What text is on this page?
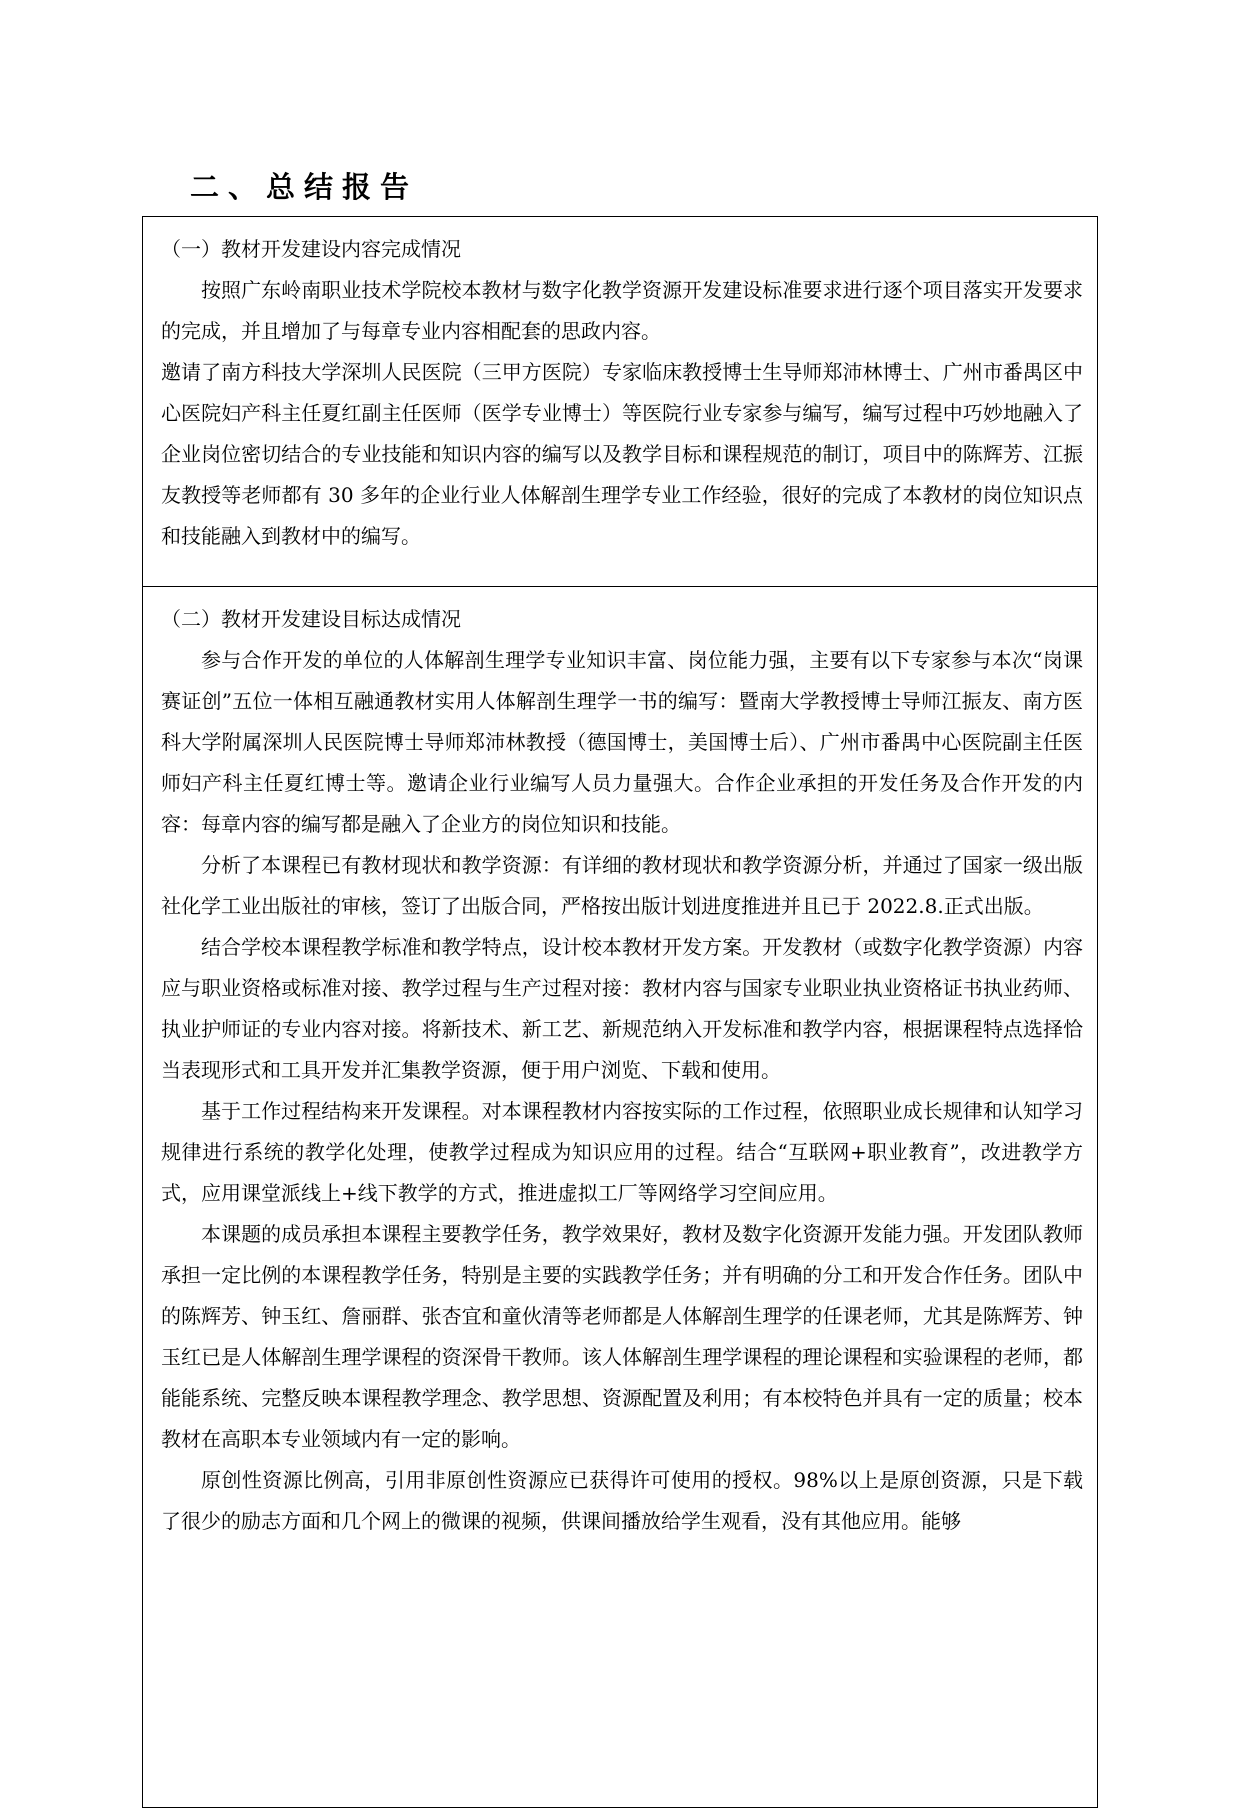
二、总结报告

（一）教材开发建设内容完成情况

按照广东岭南职业技术学院校本教材与数字化教学资源开发建设标准要求进行逐个项目落实开发要求的完成，并且增加了与每章专业内容相配套的思政内容。

邀请了南方科技大学深圳人民医院（三甲方医院）专家临床教授博士生导师郑沛林博士、广州市番禺区中心医院妇产科主任夏红副主任医师（医学专业博士）等医院行业专家参与编写，编写过程中巧妙地融入了企业岗位密切结合的专业技能和知识内容的编写以及教学目标和课程规范的制订，项目中的陈辉芳、江振友教授等老师都有 30 多年的企业行业人体解剖生理学专业工作经验，很好的完成了本教材的岗位知识点和技能融入到教材中的编写。

（二）教材开发建设目标达成情况

参与合作开发的单位的人体解剖生理学专业知识丰富、岗位能力强，主要有以下专家参与本次“岗课赛证创”五位一体相互融通教材实用人体解剖生理学一书的编写：暨南大学教授博士导师江振友、南方医科大学附属深圳人民医院博士导师郑沛林教授（德国博士，美国博士后）、广州市番禺中心医院副主任医师妇产科主任夏红博士等。邀请企业行业编写人员力量强大。合作企业承担的开发任务及合作开发的内容：每章内容的编写都是融入了企业方的岗位知识和技能。

分析了本课程已有教材现状和教学资源：有详细的教材现状和教学资源分析，并通过了国家一级出版社化学工业出版社的审核，签订了出版合同，严格按出版计划进度推进并且已于 2022.8.正式出版。

结合学校本课程教学标准和教学特点，设计校本教材开发方案。开发教材（或数字化教学资源）内容应与职业资格或标准对接、教学过程与生产过程对接：教材内容与国家专业职业执业资格证书执业药师、执业护师证的专业内容对接。将新技术、新工艺、新规范纳入开发标准和教学内容，根据课程特点选择恰当表现形式和工具开发并汇集教学资源，便于用户浏览、下载和使用。

基于工作过程结构来开发课程。对本课程教材内容按实际的工作过程，依照职业成长规律和认知学习规律进行系统的教学化处理，使教学过程成为知识应用的过程。结合“互联网+职业教育”，改进教学方式，应用课堂派线上+线下教学的方式，推进虚拟工厂等网络学习空间应用。

本课题的成员承担本课程主要教学任务，教学效果好，教材及数字化资源开发能力强。开发团队教师承担一定比例的本课程教学任务，特别是主要的实践教学任务；并有明确的分工和开发合作任务。团队中的陈辉芳、钟玉红、詹丽群、张杏宜和童伙清等老师都是人体解剖生理学的任课老师，尤其是陈辉芳、钟玉红已是人体解剖生理学课程的资深骨干教师。该人体解剖生理学课程的理论课程和实验课程的老师，都能能系统、完整反映本课程教学理念、教学思想、资源配置及利用；有本校特色并具有一定的质量；校本教材在高职本专业领域内有一定的影响。

原创性资源比例高，引用非原创性资源应已获得许可使用的授权。98%以上是原创资源，只是下载了很少的励志方面和几个网上的微课的视频，供课间播放给学生观看，没有其他应用。能够
